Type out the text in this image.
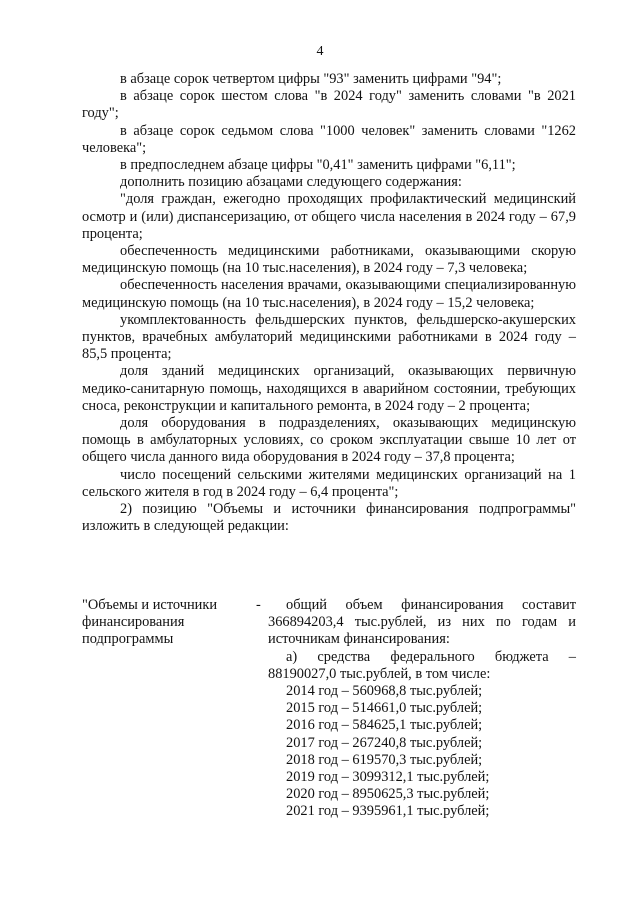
4

в абзаце сорок четвертом цифры "93" заменить цифрами "94";

в абзаце сорок шестом слова "в 2024 году" заменить словами "в 2021 году";

в абзаце сорок седьмом слова "1000 человек" заменить словами "1262 человека";

в предпоследнем абзаце цифры "0,41" заменить цифрами "6,11";

дополнить позицию абзацами следующего содержания:

"доля граждан, ежегодно проходящих профилактический медицинский осмотр и (или) диспансеризацию, от общего числа населения в 2024 году – 67,9 процента;

обеспеченность медицинскими работниками, оказывающими скорую медицинскую помощь (на 10 тыс.населения), в 2024 году – 7,3 человека;

обеспеченность населения врачами, оказывающими специализированную медицинскую помощь (на 10 тыс.населения), в 2024 году – 15,2 человека;

укомплектованность фельдшерских пунктов, фельдшерско-акушерских пунктов, врачебных амбулаторий медицинскими работниками в 2024 году – 85,5 процента;

доля зданий медицинских организаций, оказывающих первичную медико-санитарную помощь, находящихся в аварийном состоянии, требующих сноса, реконструкции и капитального ремонта, в 2024 году – 2 процента;

доля оборудования в подразделениях, оказывающих медицинскую помощь в амбулаторных условиях, со сроком эксплуатации свыше 10 лет от общего числа данного вида оборудования в 2024 году – 37,8 процента;

число посещений сельскими жителями медицинских организаций на 1 сельского жителя в год в 2024 году – 6,4 процента";

2) позицию "Объемы и источники финансирования подпрограммы" изложить в следующей редакции:

"Объемы и источники финансирования подпрограммы
-	общий объем финансирования составит 366894203,4 тыс.рублей, из них по годам и источникам финансирования:

а) средства федерального бюджета – 88190027,0 тыс.рублей, в том числе:

2014 год – 560968,8 тыс.рублей;
2015 год – 514661,0 тыс.рублей;
2016 год – 584625,1 тыс.рублей;
2017 год – 267240,8 тыс.рублей;
2018 год – 619570,3 тыс.рублей;
2019 год – 3099312,1 тыс.рублей;
2020 год – 8950625,3 тыс.рублей;
2021 год – 9395961,1 тыс.рублей;
